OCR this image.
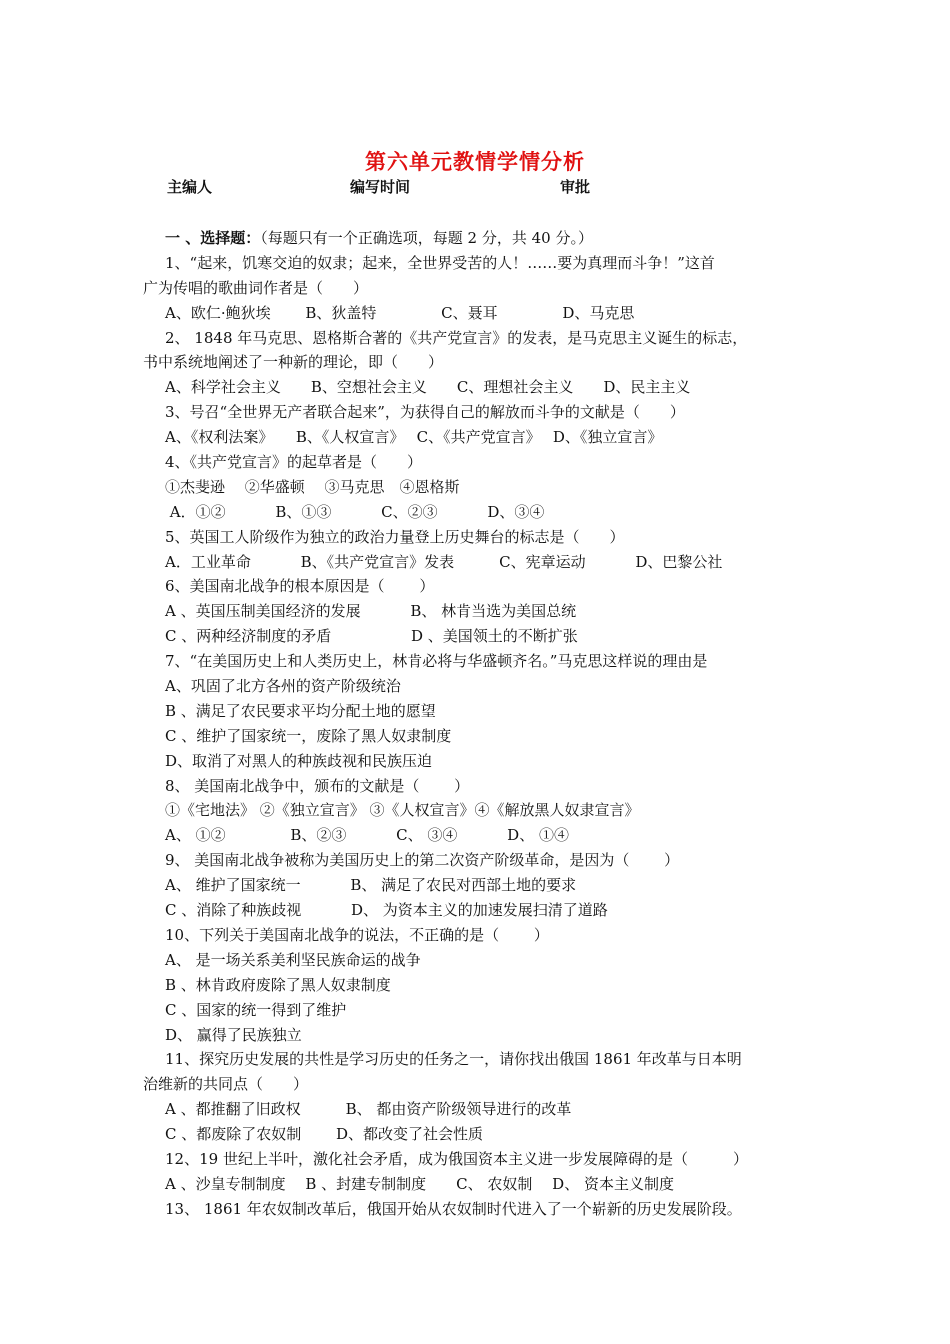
第六单元教情学情分析
主编人	编写时间	审批
一 、选择题：（每题只有一个正确选项，每题 2 分，共 40 分。）
1、“起来，饥寒交迫的奴隶；起来，全世界受苦的人！……要为真理而斗争！”这首
广为传唱的歌曲词作者是（　　）
A、欧仁·鲍狄埃　　 B、狄盖特　　　　 C、聂耳　　　　 D、马克思
2、 1848 年马克思、恩格斯合著的《共产党宣言》的发表，是马克思主义诞生的标志，
书中系统地阐述了一种新的理论，即（　　）
A、科学社会主义　　B、空想社会主义　　C、理想社会主义　　D、民主主义
3、号召“全世界无产者联合起来”，为获得自己的解放而斗争的文献是（　　）
A、《权利法案》　　B、《人权宣言》　 C、《共产党宣言》　 D、《独立宣言》
4、《共产党宣言》的起草者是（　　）
①杰斐逊　 ②华盛顿　 ③马克思　④恩格斯
A．①②　　　 B、①③　　　 C、②③　　　 D、③④
5、英国工人阶级作为独立的政治力量登上历史舞台的标志是（　　）
A．工业革命　　　 B、《共产党宣言》发表　　　C、宪章运动　　　 D、巴黎公社
6、美国南北战争的根本原因是（　　 ）
A 、英国压制美国经济的发展　　　 B、 林肯当选为美国总统
C 、两种经济制度的矛盾　　　　　 D 、美国领土的不断扩张
7、“在美国历史上和人类历史上，林肯必将与华盛顿齐名。”马克思这样说的理由是
A、巩固了北方各州的资产阶级统治
B 、满足了农民要求平均分配土地的愿望
C 、维护了国家统一，废除了黑人奴隶制度
D、取消了对黑人的种族歧视和民族压迫
8、 美国南北战争中，颁布的文献是（　　 ）
①《宅地法》 ②《独立宣言》 ③《人权宣言》④《解放黑人奴隶宣言》
A、 ①②　　　　 B、②③　　　 C、 ③④　　　 D、 ①④
9、 美国南北战争被称为美国历史上的第二次资产阶级革命，是因为（　　 ）
A、 维护了国家统一　　　 B、 满足了农民对西部土地的要求
C 、消除了种族歧视　　　 D、 为资本主义的加速发展扫清了道路
10、下列关于美国南北战争的说法，不正确的是（　　 ）
A、 是一场关系美利坚民族命运的战争
B 、林肯政府废除了黑人奴隶制度
C 、国家的统一得到了维护
D、 赢得了民族独立
11、探究历史发展的共性是学习历史的任务之一，请你找出俄国 1861 年改革与日本明
治维新的共同点（　　）
A 、都推翻了旧政权　　　B、 都由资产阶级领导进行的改革
C 、都废除了农奴制　　 D、都改变了社会性质
12、19 世纪上半叶，激化社会矛盾，成为俄国资本主义进一步发展障碍的是（　　　）
A 、沙皇专制制度　 B 、封建专制制度　　C、 农奴制　 D、 资本主义制度
13、 1861 年农奴制改革后，俄国开始从农奴制时代进入了一个崭新的历史发展阶段。
